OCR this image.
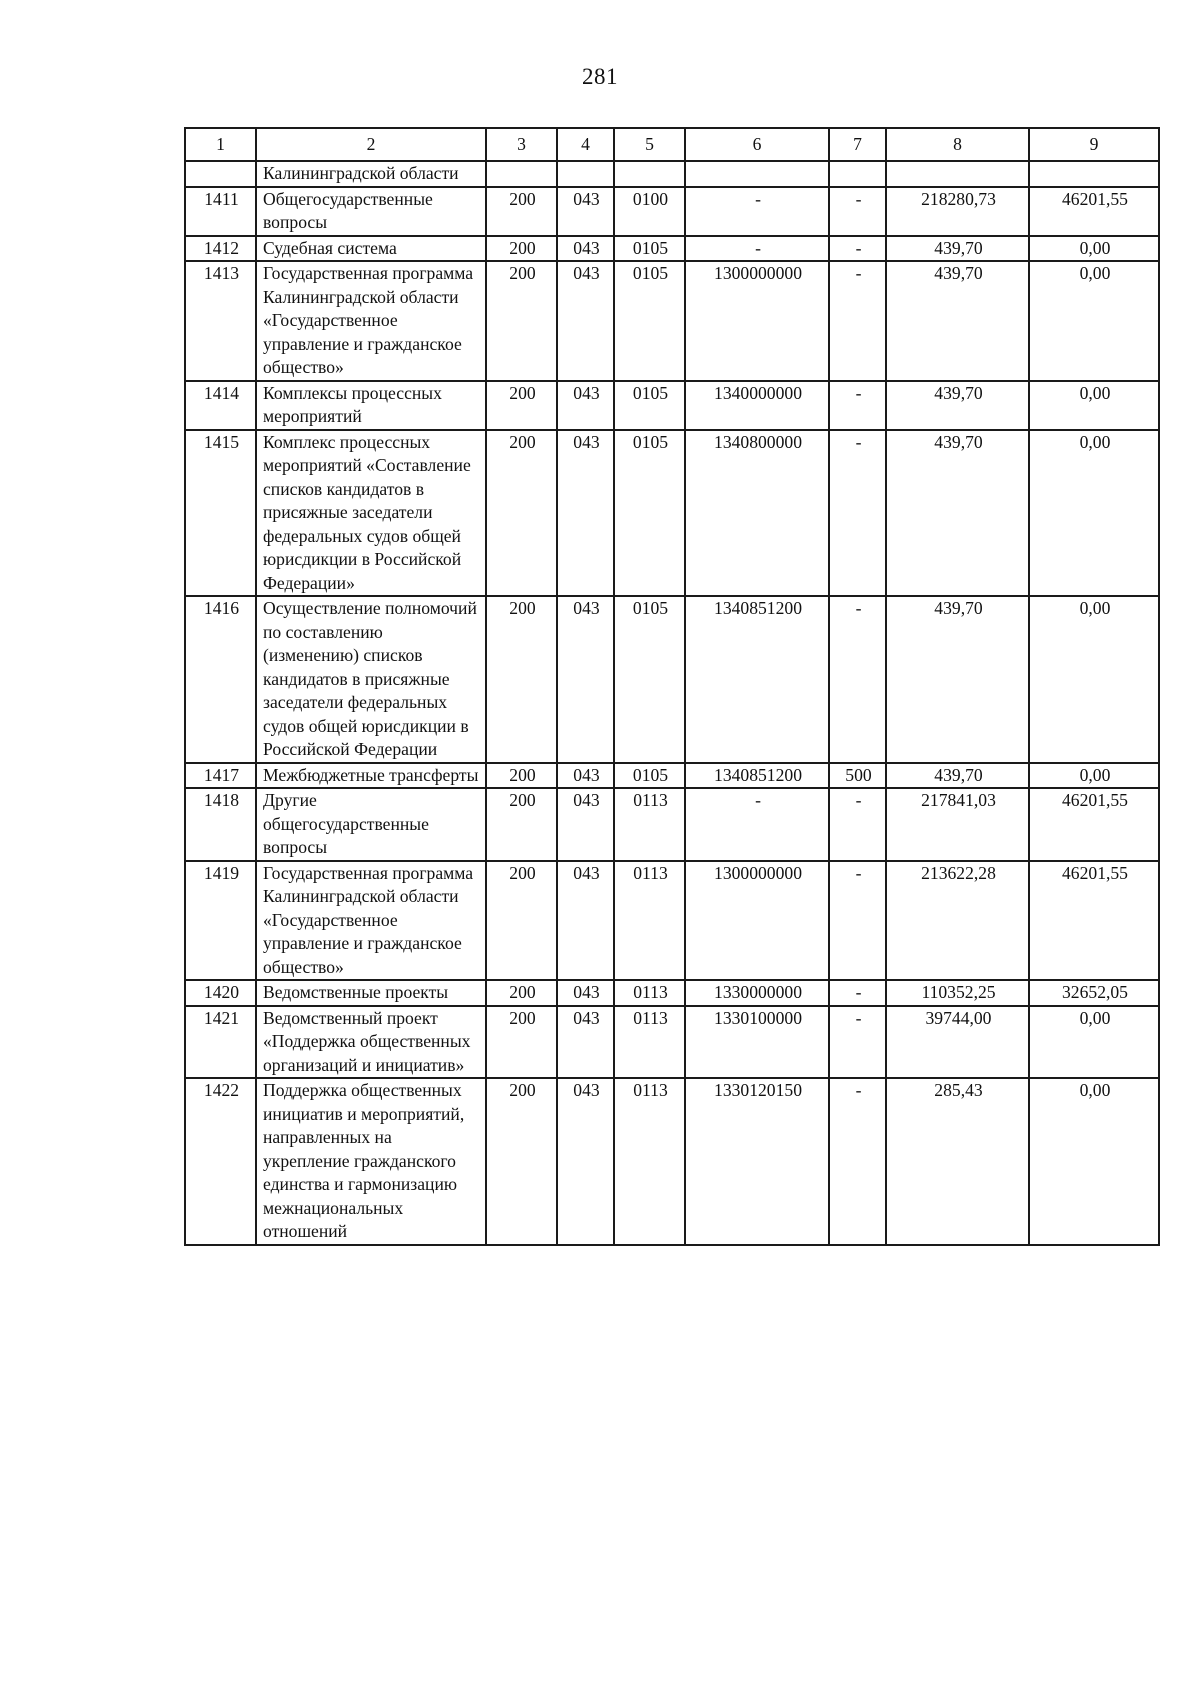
281
1	2	3	4	5	6	7	8	9
	Калининградской области							
1411	Общегосударственные вопросы	200	043	0100	-	-	218280,73	46201,55
1412	Судебная система	200	043	0105	-	-	439,70	0,00
1413	Государственная программа Калининградской области «Государственное управление и гражданское общество»	200	043	0105	1300000000	-	439,70	0,00
1414	Комплексы процессных мероприятий	200	043	0105	1340000000	-	439,70	0,00
1415	Комплекс процессных мероприятий «Составление списков кандидатов в присяжные заседатели федеральных судов общей юрисдикции в Российской Федерации»	200	043	0105	1340800000	-	439,70	0,00
1416	Осуществление полномочий по составлению (изменению) списков кандидатов в присяжные заседатели федеральных судов общей юрисдикции в Российской Федерации	200	043	0105	1340851200	-	439,70	0,00
1417	Межбюджетные трансферты	200	043	0105	1340851200	500	439,70	0,00
1418	Другие общегосударственные вопросы	200	043	0113	-	-	217841,03	46201,55
1419	Государственная программа Калининградской области «Государственное управление и гражданское общество»	200	043	0113	1300000000	-	213622,28	46201,55
1420	Ведомственные проекты	200	043	0113	1330000000	-	110352,25	32652,05
1421	Ведомственный проект «Поддержка общественных организаций и инициатив»	200	043	0113	1330100000	-	39744,00	0,00
1422	Поддержка общественных инициатив и мероприятий, направленных на укрепление гражданского единства и гармонизацию межнациональных отношений	200	043	0113	1330120150	-	285,43	0,00
